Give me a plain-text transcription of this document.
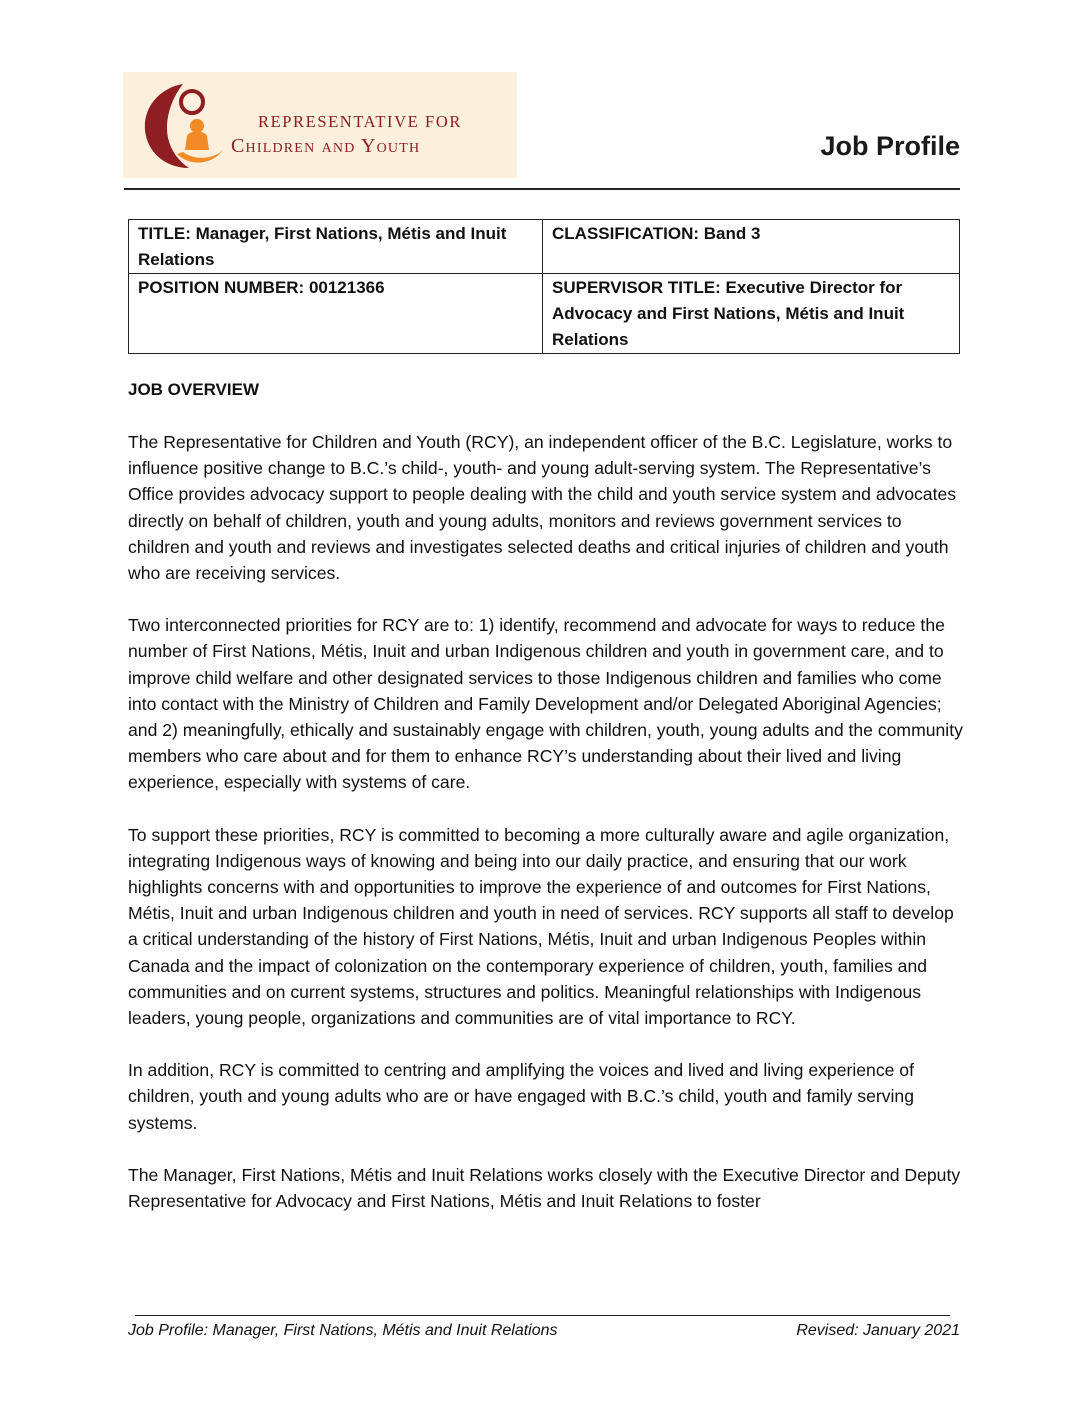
REPRESENTATIVE FOR
Children and Youth	Job Profile
TITLE: Manager, First Nations, Métis and Inuit Relations	CLASSIFICATION: Band 3
POSITION NUMBER: 00121366	SUPERVISOR TITLE: Executive Director for Advocacy and First Nations, Métis and Inuit Relations
JOB OVERVIEW

The Representative for Children and Youth (RCY), an independent officer of the B.C. Legislature, works to influence positive change to B.C.’s child-, youth- and young adult-serving system. The Representative’s Office provides advocacy support to people dealing with the child and youth service system and advocates directly on behalf of children, youth and young adults, monitors and reviews government services to children and youth and reviews and investigates selected deaths and critical injuries of children and youth who are receiving services.

Two interconnected priorities for RCY are to: 1) identify, recommend and advocate for ways to reduce the number of First Nations, Métis, Inuit and urban Indigenous children and youth in government care, and to improve child welfare and other designated services to those Indigenous children and families who come into contact with the Ministry of Children and Family Development and/or Delegated Aboriginal Agencies; and 2) meaningfully, ethically and sustainably engage with children, youth, young adults and the community members who care about and for them to enhance RCY’s understanding about their lived and living experience, especially with systems of care.

To support these priorities, RCY is committed to becoming a more culturally aware and agile organization, integrating Indigenous ways of knowing and being into our daily practice, and ensuring that our work highlights concerns with and opportunities to improve the experience of and outcomes for First Nations, Métis, Inuit and urban Indigenous children and youth in need of services. RCY supports all staff to develop a critical understanding of the history of First Nations, Métis, Inuit and urban Indigenous Peoples within Canada and the impact of colonization on the contemporary experience of children, youth, families and communities and on current systems, structures and politics. Meaningful relationships with Indigenous leaders, young people, organizations and communities are of vital importance to RCY.

In addition, RCY is committed to centring and amplifying the voices and lived and living experience of children, youth and young adults who are or have engaged with B.C.’s child, youth and family serving systems.

The Manager, First Nations, Métis and Inuit Relations works closely with the Executive Director and Deputy Representative for Advocacy and First Nations, Métis and Inuit Relations to foster

Job Profile: Manager, First Nations, Métis and Inuit Relations	Revised: January 2021
